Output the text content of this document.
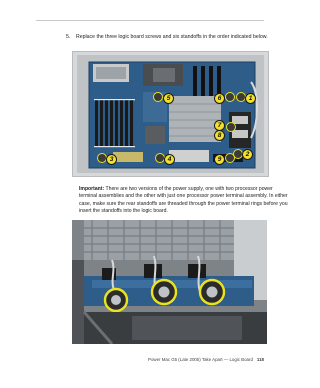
5. Replace the three logic board screws and six standoffs in the order indicated below.
1
2
3	4
5	6
7
8
9
Important: There are two versions of the power supply, one with two processor power
terminal assemblies and the other with just one processor power terminal assembly. In either
case, make sure the rear standoffs are threaded through the power terminal rings before you
insert the standoffs into the logic board.
Power Mac G5 (Late 2005) Take Apart — Logic Board 118
